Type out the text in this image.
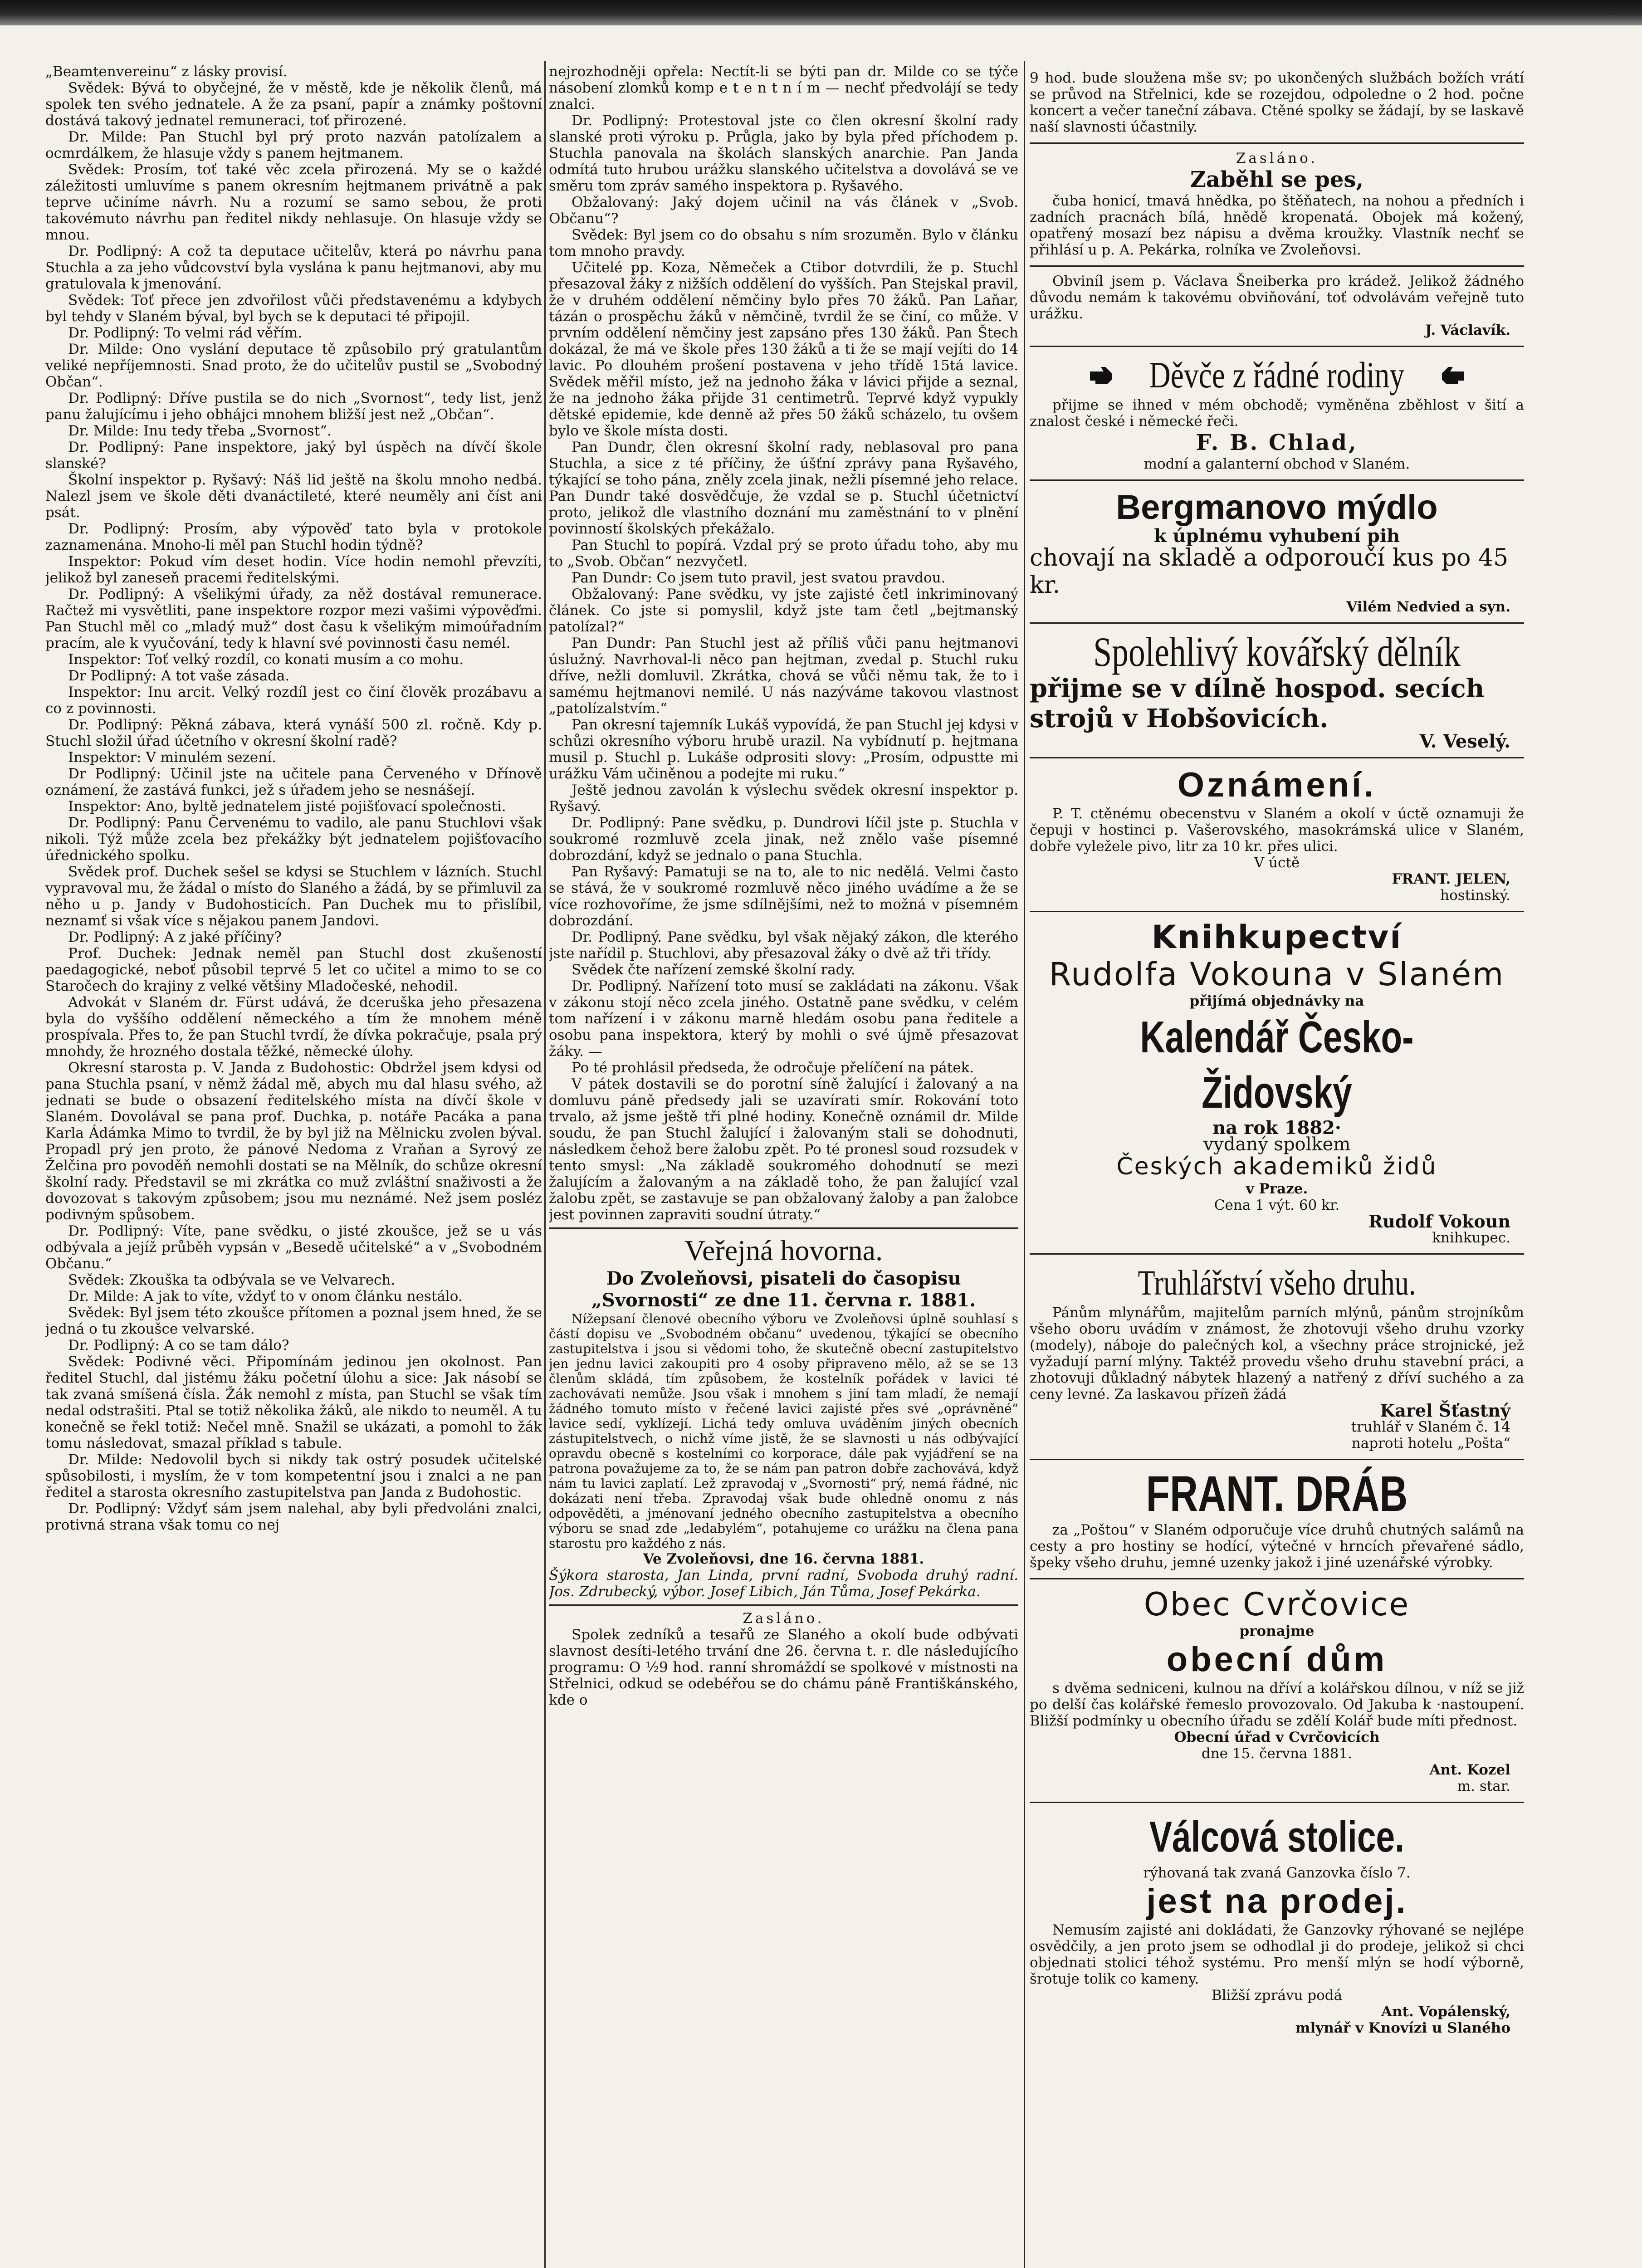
„Beamtenvereinu“ z lásky provisí.

Svědek: Bývá to obyčejné, že v městě, kde je několik členů, má spolek ten svého jednatele. A že za psaní, papír a známky poštovní dostává takový jednatel remuneraci, toť přirozené.

Dr. Milde: Pan Stuchl byl prý proto nazván patolízalem a ocmrdálkem, že hlasuje vždy s panem hejtmanem.

Svědek: Prosím, toť také věc zcela přirozená. My se o každé záležitosti umluvíme s panem okresním hejtmanem privátně a pak teprve učiníme návrh. Nu a rozumí se samo sebou, že proti takovémuto návrhu pan ředitel nikdy nehlasuje. On hlasuje vždy se mnou.

Dr. Podlipný: A což ta deputace učitelův, která po návrhu pana Stuchla a za jeho vůdcovství byla vyslána k panu hejtmanovi, aby mu gratulovala k jmenování.

Svědek: Toť přece jen zdvořilost vůči představenému a kdybych byl tehdy v Slaném býval, byl bych se k deputaci té připojil.

Dr. Podlipný: To velmi rád věřím.

Dr. Milde: Ono vyslání deputace tě způsobilo prý gratulantům veliké nepříjemnosti. Snad proto, že do učitelův pustil se „Svobodný Občan“.

Dr. Podlipný: Dříve pustila se do nich „Svornost“, tedy list, jenž panu žalujícímu i jeho obhájci mnohem bližší jest než „Občan“.

Dr. Milde: Inu tedy třeba „Svornost“.

Dr. Podlipný: Pane inspektore, jaký byl úspěch na dívčí škole slanské?

Školní inspektor p. Ryšavý: Náš lid ještě na školu mnoho nedbá. Nalezl jsem ve škole děti dvanáctileté, které neuměly ani číst ani psát.

Dr. Podlipný: Prosím, aby výpověď tato byla v protokole zaznamenána. Mnoho-li měl pan Stuchl hodin týdně?

Inspektor: Pokud vím deset hodin. Více hodin nemohl převzíti, jelikož byl zaneseň pracemi ředitelskými.

Dr. Podlipný: A všelikými úřady, za něž dostával remunerace. Račtež mi vysvětliti, pane inspektore rozpor mezi vašimi výpověďmi. Pan Stuchl měl co „mladý muž“ dost času k všelikým mimoúřadním pracím, ale k vyučování, tedy k hlavní své povinnosti času nemél.

Inspektor: Toť velký rozdíl, co konati musím a co mohu.

Dr Podlipný: A tot vaše zásada.

Inspektor: Inu arcit. Velký rozdíl jest co činí člověk prozábavu a co z povinnosti.

Dr. Podlipný: Pěkná zábava, která vynáší 500 zl. ročně. Kdy p. Stuchl složil úřad účetního v okresní školní radě?

Inspektor: V minulém sezení.

Dr Podlipný: Učinil jste na učitele pana Červeného v Dřínově oznámení, že zastává funkci, jež s úřadem jeho se nesnášejí.

Inspektor: Ano, byltě jednatelem jisté pojišťovací společnosti.

Dr. Podlipný: Panu Červenému to vadilo, ale panu Stuchlovi však nikoli. Týž může zcela bez překážky být jednatelem pojišťovacího úřednického spolku.

Svědek prof. Duchek sešel se kdysi se Stuchlem v lázních. Stuchl vypravoval mu, že žádal o místo do Slaného a žádá, by se přimluvil za něho u p. Jandy v Budohosticích. Pan Duchek mu to přislíbil, neznamť si však více s nějakou panem Jandovi.

Dr. Podlipný: A z jaké příčiny?

Prof. Duchek: Jednak neměl pan Stuchl dost zkušeností paedagogické, neboť působil teprvé 5 let co učitel a mimo to se co Staročech do krajiny z velké většiny Mladočeské, nehodil.

Advokát v Slaném dr. Fürst udává, že dceruška jeho přesazena byla do vyššího oddělení německého a tím že mnohem méně prospívala. Přes to, že pan Stuchl tvrdí, že dívka pokračuje, psala prý mnohdy, že hrozného dostala těžké, německé úlohy.

Okresní starosta p. V. Janda z Budohostic: Obdržel jsem kdysi od pana Stuchla psaní, v němž žádal mě, abych mu dal hlasu svého, až jednati se bude o obsazení ředitelského místa na dívčí škole v Slaném. Dovolával se pana prof. Duchka, p. notáře Pacáka a pana Karla Ádámka Mimo to tvrdil, že by byl již na Mělnicku zvolen býval. Propadl prý jen proto, že pánové Nedoma z Vraňan a Syrový ze Želčina pro povoděň nemohli dostati se na Mělník, do schůze okresní školní rady. Představil se mi zkrátka co muž zvláštní snaživosti a že dovozovat s takovým způsobem; jsou mu neznámé. Než jsem posléz podivným spůsobem.

Dr. Podlipný: Víte, pane svědku, o jisté zkoušce, jež se u vás odbývala a jejíž průběh vypsán v „Besedě učitelské“ a v „Svobodném Občanu.“

Svědek: Zkouška ta odbývala se ve Velvarech.

Dr. Milde: A jak to víte, vždyť to v onom článku nestálo.

Svědek: Byl jsem této zkoušce přítomen a poznal jsem hned, že se jedná o tu zkoušce velvarské.

Dr. Podlipný: A co se tam dálo?

Svědek: Podivné věci. Připomínám jedinou jen okolnost. Pan ředitel Stuchl, dal jistému žáku početní úlohu a sice: Jak násobí se tak zvaná smíšená čísla. Žák nemohl z místa, pan Stuchl se však tím nedal odstrašiti. Ptal se totiž několika žáků, ale nikdo to neuměl. A tu konečně se řekl totiž: Nečel mně. Snažil se ukázati, a pomohl to žák tomu následovat, smazal příklad s tabule.

Dr. Milde: Nedovolil bych si nikdy tak ostrý posudek učitelské spůsobilosti, i myslím, že v tom kompetentní jsou i znalci a ne pan ředitel a starosta okresního zastupitelstva pan Janda z Budohostic.

Dr. Podlipný: Vždyť sám jsem nalehal, aby byli předvoláni znalci, protivná strana však tomu co nej

nejrozhodněji opřela: Nectít-li se býti pan dr. Milde co se týče násobení zlomků komp e t e n t n í m — nechť předvolájí se tedy znalci.

Dr. Podlipný: Protestoval jste co člen okresní školní rady slanské proti výroku p. Průgla, jako by byla před příchodem p. Stuchla panovala na školách slanských anarchie. Pan Janda odmítá tuto hrubou urážku slanského učitelstva a dovolává se ve směru tom zpráv samého inspektora p. Ryšavého.

Obžalovaný: Jaký dojem učinil na vás článek v „Svob. Občanu“?

Svědek: Byl jsem co do obsahu s ním srozuměn. Bylo v článku tom mnoho pravdy.

Učitelé pp. Koza, Němeček a Ctibor dotvrdili, že p. Stuchl přesazoval žáky z nižších oddělení do vyšších. Pan Stejskal pravil, že v druhém oddělení němčiny bylo přes 70 žáků. Pan Laňar, tázán o prospěchu žáků v němčině, tvrdil že se činí, co může. V prvním oddělení němčiny jest zapsáno přes 130 žáků. Pan Štech dokázal, že má ve škole přes 130 žáků a ti že se mají vejíti do 14 lavic. Po dlouhém prošení postavena v jeho třídě 15tá lavice. Svědek měřil místo, jež na jednoho žáka v lávici přijde a seznal, že na jednoho žáka přijde 31 centimetrů. Teprvé když vypukly dětské epidemie, kde denně až přes 50 žáků scházelo, tu ovšem bylo ve škole místa dosti.

Pan Dundr, člen okresní školní rady, neblasoval pro pana Stuchla, a sice z té příčiny, že úšťní zprávy pana Ryšavého, týkající se toho pána, zněly zcela jinak, nežli písemné jeho relace. Pan Dundr také dosvědčuje, že vzdal se p. Stuchl účetnictví proto, jelikož dle vlastního doznání mu zaměstnání to v plnění povinností školských překážalo.

Pan Stuchl to popírá. Vzdal prý se proto úřadu toho, aby mu to „Svob. Občan“ nezvyčetl.

Pan Dundr: Co jsem tuto pravil, jest svatou pravdou.

Obžalovaný: Pane svědku, vy jste zajisté četl inkriminovaný článek. Co jste si pomyslil, když jste tam četl „bejtmanský patolízal?“

Pan Dundr: Pan Stuchl jest až příliš vůči panu hejtmanovi úslužný. Navrhoval-li něco pan hejtman, zvedal p. Stuchl ruku dříve, nežli domluvil. Zkrátka, chová se vůči němu tak, že to i samému hejtmanovi nemilé. U nás nazýváme takovou vlastnost „patolízalstvím.“

Pan okresní tajemník Lukáš vypovídá, že pan Stuchl jej kdysi v schůzi okresního výboru hrubě urazil. Na vybídnutí p. hejtmana musil p. Stuchl p. Lukáše odprositi slovy: „Prosím, odpustte mi urážku Vám učiněnou a podejte mi ruku.“

Ještě jednou zavolán k výslechu svědek okresní inspektor p. Ryšavý.

Dr. Podlipný: Pane svědku, p. Dundrovi líčil jste p. Stuchla v soukromé rozmluvě zcela jinak, než znělo vaše písemné dobrozdání, když se jednalo o pana Stuchla.

Pan Ryšavý: Pamatuji se na to, ale to nic nedělá. Velmi často se stává, že v soukromé rozmluvě něco jiného uvádíme a že se více rozhovoříme, že jsme sdílnějšími, než to možná v písemném dobrozdání.

Dr. Podlipný. Pane svědku, byl však nějaký zákon, dle kterého jste nařídil p. Stuchlovi, aby přesazoval žáky o dvě až tři třídy.

Svědek čte nařízení zemské školní rady.

Dr. Podlipný. Nařízení toto musí se zakládati na zákonu. Však v zákonu stojí něco zcela jiného. Ostatně pane svědku, v celém tom nařízení i v zákonu marně hledám osobu pana ředitele a osobu pana inspektora, který by mohli o své újmě přesazovat žáky. —

Po té prohlásil předseda, že odročuje přelíčení na pátek.

V pátek dostavili se do porotní síně žalující i žalovaný a na domluvu páně předsedy jali se uzavírati smír. Rokování toto trvalo, až jsme ještě tři plné hodiny. Konečně oznámil dr. Milde soudu, že pan Stuchl žalující i žalovaným stali se dohodnuti, následkem čehož bere žalobu zpět. Po té pronesl soud rozsudek v tento smysl: „Na základě soukromého dohodnutí se mezi žalujícím a žalovaným a na základě toho, že pan žalující vzal žalobu zpět, se zastavuje se pan obžalovaný žaloby a pan žalobce jest povinnen zapraviti soudní útraty.“

Veřejná hovorna.
Do Zvoleňovsi, pisateli do časopisu „Svornosti“ ze dne 11. června r. 1881.

Nížepsaní členové obecního výboru ve Zvoleňovsi úplně souhlasí s částí dopisu ve „Svobodném občanu“ uvedenou, týkající se obecního zastupitelstva i jsou si vědomi toho, že skutečně obecní zastupitelstvo jen jednu lavici zakoupiti pro 4 osoby připraveno mělo, až se se 13 členům skládá, tím způsobem, že kostelník pořádek v lavici té zachovávati nemůže. Jsou však i mnohem s jiní tam mladí, že nemají žádného tomuto místo v řečené lavici zajisté přes své „oprávněné“ lavice sedí, vyklízejí. Lichá tedy omluva uváděním jiných obecních zástupitelstvech, o nichž víme jistě, že se slavnosti u nás odbývající opravdu obecně s kostelními co korporace, dále pak vyjádření se na patrona považujeme za to, že se nám pan patron dobře zachovává, když nám tu lavici zaplatí. Lež zpravodaj v „Svornosti“ prý, nemá řádné, nic dokázati není třeba. Zpravodaj však bude ohledně onomu z nás odpověděti, a jménovaní jedného obecního zastupitelstva a obecního výboru se snad zde „ledabylém“, potahujeme co urážku na člena pana starostu pro každého z nás.

Ve Zvoleňovsi, dne 16. června 1881.

Šýkora starosta, Jan Linda, první radní, Svoboda druhý radní. Jos. Zdrubecký, výbor. Josef Libich, Ján Tůma, Josef Pekárka.

Zasláno.

Spolek zedníků a tesařů ze Slaného a okolí bude odbývati slavnost desíti-letého trvání dne 26. června t. r. dle následujícího programu: O ½9 hod. ranní shromáždí se spolkové v místnosti na Střelnici, odkud se odebéřou se do chámu páně Františkánského, kde o

9 hod. bude sloužena mše sv; po ukončených službách božích vrátí se průvod na Střelnici, kde se rozejdou, odpoledne o 2 hod. počne koncert a večer taneční zábava. Ctěné spolky se žádají, by se laskavě naší slavnosti účastnily.

Zasláno.

Zaběhl se pes,

čuba honicí, tmavá hnědka, po štěňatech, na nohou a předních i zadních pracnách bílá, hnědě kropenatá. Obojek má kožený, opatřený mosazí bez nápisu a dvěma kroužky. Vlastník nechť se přihlásí u p. A. Pekárka, rolníka ve Zvoleňovsi.

Obviníl jsem p. Václava Šneiberka pro krádež. Jelikož žádného důvodu nemám k takovému obviňování, toť odvolávám veřejně tuto urážku.

J. Václavík.

Děvče z řádné rodiny

přijme se ihned v mém obchodě; vyměněna zběhlost v šití a znalost české i německé řeči.

F. B. Chlad,

modní a galanterní obchod v Slaném.

Bergmanovo mýdlo

k úplnému vyhubení pih

chovají na skladě a odporoučí kus po 45 kr.

Vilém Nedvied a syn.

Spolehlivý kovářský dělník

přijme se v dílně hospod. secích strojů v Hobšovicích.

V. Veselý.

Oznámení.

P. T. ctěnému obecenstvu v Slaném a okolí v úctě oznamuji že čepuji v hostinci p. Vašerovského, masokrámská ulice v Slaném, dobře vyležele pivo, litr za 10 kr. přes ulici.

V úctě

FRANT. JELEN,

hostinský.

Knihkupectví
Rudolfa Vokouna v Slaném

přijímá objednávky na

Kalendář Česko-Židovský

na rok 1882·

vydaný spolkem

Českých akademiků židů

v Praze.

Cena 1 výt. 60 kr.

Rudolf Vokoun

knihkupec.

Truhlářství všeho druhu.

Pánům mlynářům, majitelům parních mlýnů, pánům strojníkům všeho oboru uvádím v známost, že zhotovuji všeho druhu vzorky (modely), náboje do palečných kol, a všechny práce strojnické, jež vyžadují parní mlýny. Taktéž provedu všeho druhu stavební práci, a zhotovuji důkladný nábytek hlazený a natřený z dříví suchého a za ceny levné. Za laskavou přízeň žádá

Karel Šťastný

truhlář v Slaném č. 14

naproti hotelu „Pošta“

FRANT. DRÁB

za „Poštou“ v Slaném odporučuje více druhů chutných salámů na cesty a pro hostiny se hodící, výtečné v hrncích převařené sádlo, špeky všeho druhu, jemné uzenky jakož i jiné uzenářské výrobky.

Obec Cvrčovice

pronajme

obecní dům

s dvěma sedniceni, kulnou na dříví a kolářskou dílnou, v níž se již po delší čas kolářské řemeslo provozovalo. Od Jakuba k ·nastoupení. Bližší podmínky u obecního úřadu se zdělí Kolář bude míti přednost.

Obecní úřad v Cvrčovicích

dne 15. června 1881.

Ant. Kozel

m. star.

Válcová stolice.

rýhovaná tak zvaná Ganzovka číslo 7.

jest na prodej.

Nemusím zajisté ani dokládati, že Ganzovky rýhované se nejlépe osvědčily, a jen proto jsem se odhodlal ji do prodeje, jelikož si chci objednati stolici téhož systému. Pro menší mlýn se hodí výborně, šrotuje tolik co kameny.

Bližší zprávu podá

Ant. Vopálenský,

mlynář v Knovízi u Slaného
